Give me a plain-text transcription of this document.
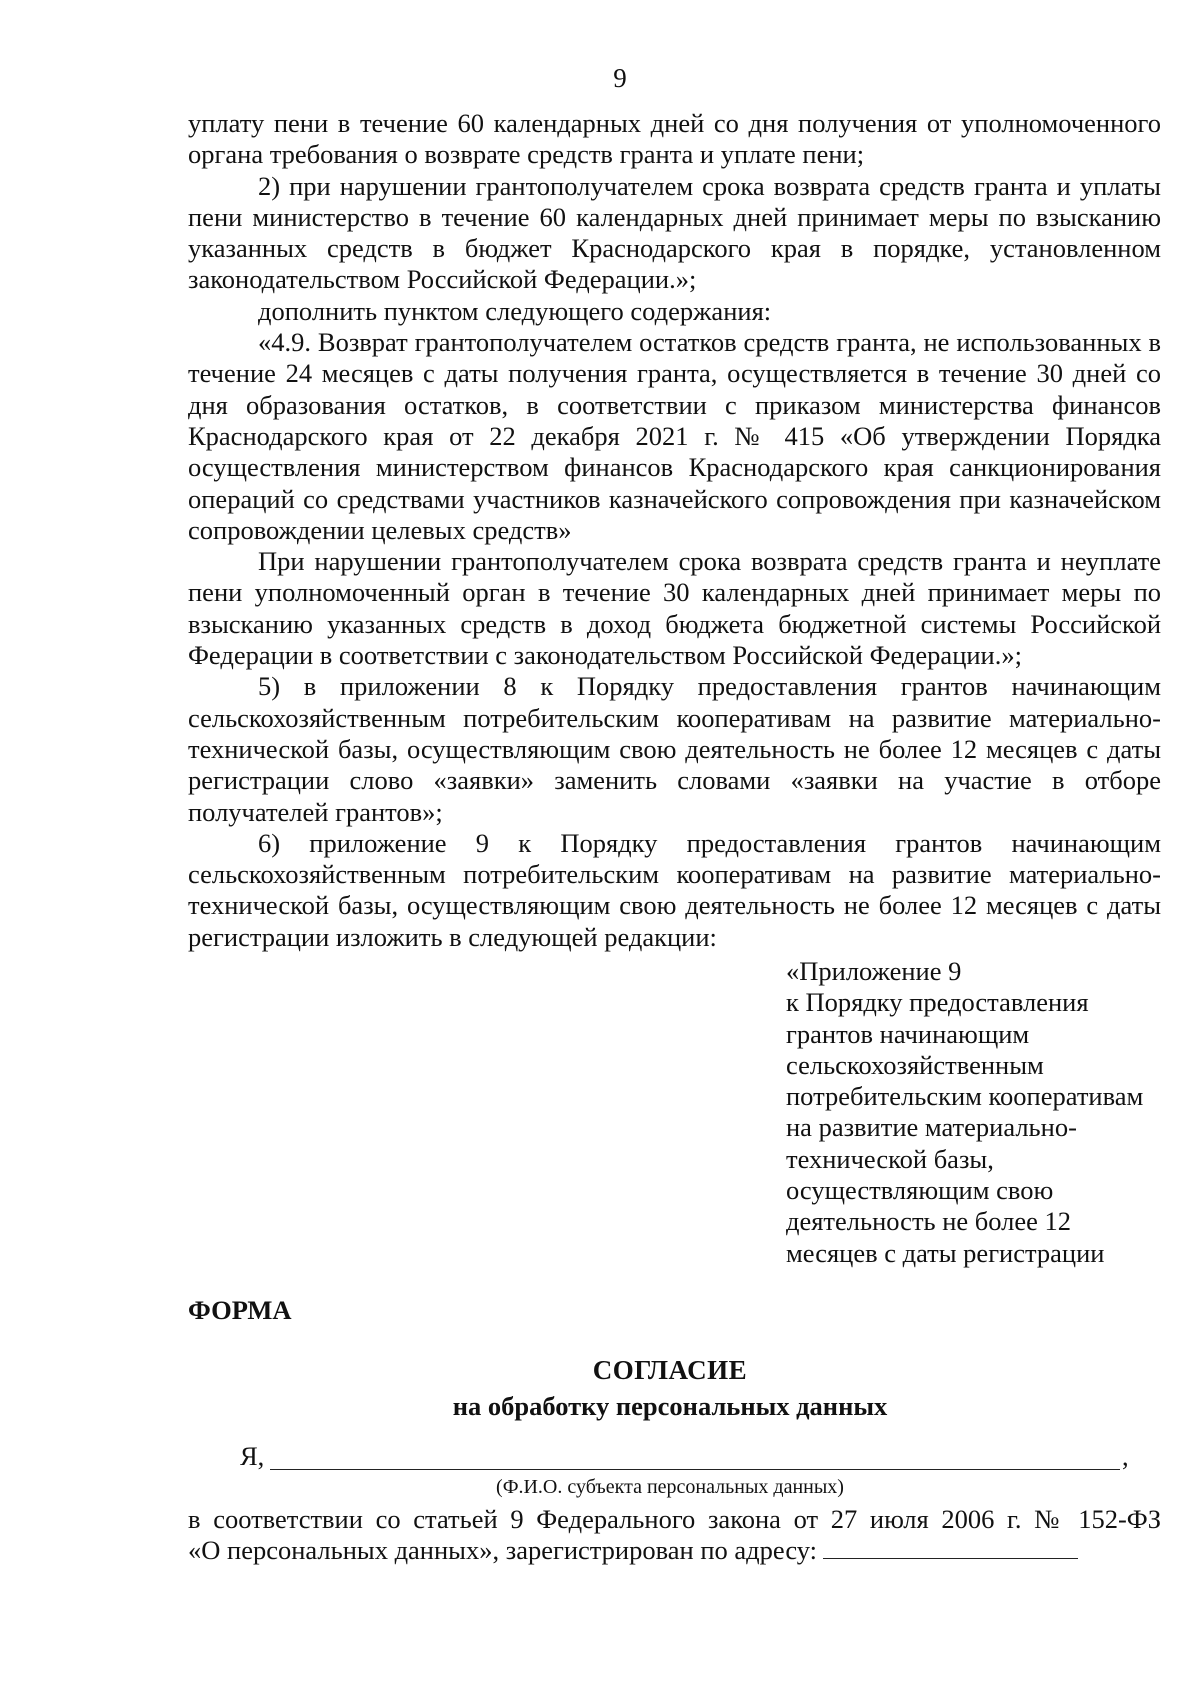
9

уплату пени в течение 60 календарных дней со дня получения от уполномоченного органа требования о возврате средств гранта и уплате пени;

2) при нарушении грантополучателем срока возврата средств гранта и уплаты пени министерство в течение 60 календарных дней принимает меры по взысканию указанных средств в бюджет Краснодарского края в порядке, установленном законодательством Российской Федерации.»;

дополнить пунктом следующего содержания:

«4.9. Возврат грантополучателем остатков средств гранта, не использованных в течение 24 месяцев с даты получения гранта, осуществляется в течение 30 дней со дня образования остатков, в соответствии с приказом министерства финансов Краснодарского края от 22 декабря 2021 г. № 415 «Об утверждении Порядка осуществления министерством финансов Краснодарского края санкционирования операций со средствами участников казначейского сопровождения при казначейском сопровождении целевых средств»

При нарушении грантополучателем срока возврата средств гранта и неуплате пени уполномоченный орган в течение 30 календарных дней принимает меры по взысканию указанных средств в доход бюджета бюджетной системы Российской Федерации в соответствии с законодательством Российской Федерации.»;

5) в приложении 8 к Порядку предоставления грантов начинающим сельскохозяйственным потребительским кооперативам на развитие материально-технической базы, осуществляющим свою деятельность не более 12 месяцев с даты регистрации слово «заявки» заменить словами «заявки на участие в отборе получателей грантов»;

6) приложение 9 к Порядку предоставления грантов начинающим сельскохозяйственным потребительским кооперативам на развитие материально-технической базы, осуществляющим свою деятельность не более 12 месяцев с даты регистрации изложить в следующей редакции:

«Приложение 9
к Порядку предоставления
грантов начинающим
сельскохозяйственным
потребительским кооперативам
на развитие материально-
технической базы,
осуществляющим свою
деятельность не более 12
месяцев с даты регистрации
ФОРМА
СОГЛАСИЕ
на обработку персональных данных
Я,	,
(Ф.И.О. субъекта персональных данных)

в соответствии со статьей 9 Федерального закона от 27 июля 2006 г. № 152-ФЗ

«О персональных данных», зарегистрирован по адресу:
